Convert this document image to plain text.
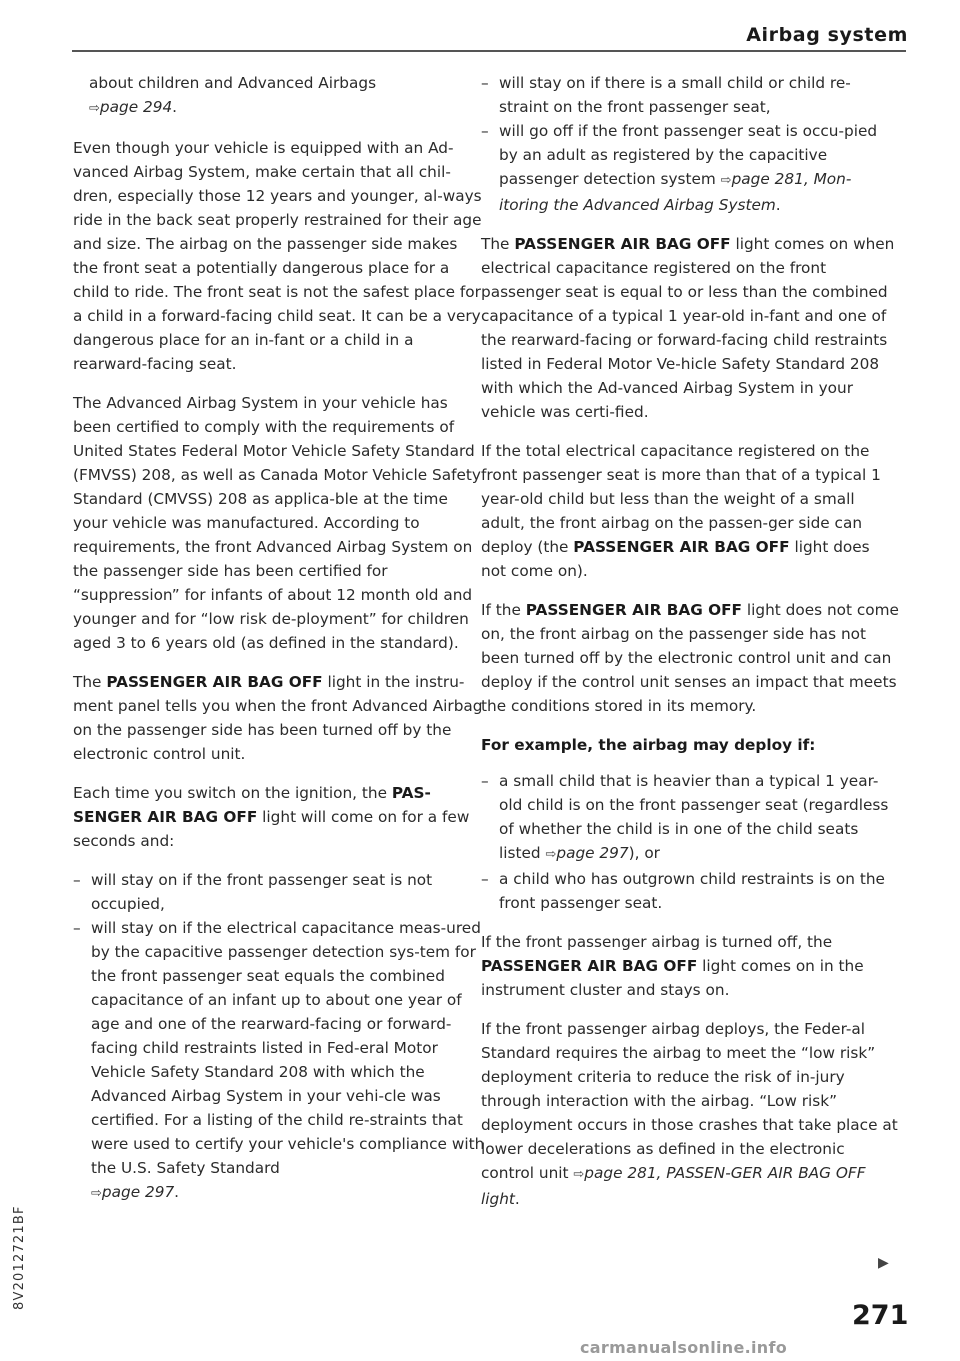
Airbag system

about children and Advanced Airbags

⇨page 294.

Even though your vehicle is equipped with an Ad-vanced Airbag System, make certain that all chil-dren, especially those 12 years and younger, al-ways ride in the back seat properly restrained for their age and size. The airbag on the passenger side makes the front seat a potentially dangerous place for a child to ride. The front seat is not the safest place for a child in a forward-facing child seat. It can be a very dangerous place for an in-fant or a child in a rearward-facing seat.

The Advanced Airbag System in your vehicle has been certified to comply with the requirements of United States Federal Motor Vehicle Safety Standard (FMVSS) 208, as well as Canada Motor Vehicle Safety Standard (CMVSS) 208 as applica-ble at the time your vehicle was manufactured. According to requirements, the front Advanced Airbag System on the passenger side has been certified for “suppression” for infants of about 12 month old and younger and for “low risk de-ployment” for children aged 3 to 6 years old (as defined in the standard).

The PASSENGER AIR BAG OFF light in the instru-ment panel tells you when the front Advanced Airbag on the passenger side has been turned off by the electronic control unit.

Each time you switch on the ignition, the PAS-SENGER AIR BAG OFF light will come on for a few seconds and:

– will stay on if the front passenger seat is not occupied,
– will stay on if the electrical capacitance meas-ured by the capacitive passenger detection sys-tem for the front passenger seat equals the combined capacitance of an infant up to about one year of age and one of the rearward-facing or forward-facing child restraints listed in Fed-eral Motor Vehicle Safety Standard 208 with which the Advanced Airbag System in your vehi-cle was certified. For a listing of the child re-straints that were used to certify your vehicle's compliance with the U.S. Safety Standard
⇨page 297.
– will stay on if there is a small child or child re-straint on the front passenger seat,
– will go off if the front passenger seat is occu-pied by an adult as registered by the capacitive passenger detection system ⇨page 281, Mon-itoring the Advanced Airbag System.

The PASSENGER AIR BAG OFF light comes on when electrical capacitance registered on the front passenger seat is equal to or less than the combined capacitance of a typical 1 year-old in-fant and one of the rearward-facing or forward-facing child restraints listed in Federal Motor Ve-hicle Safety Standard 208 with which the Ad-vanced Airbag System in your vehicle was certi-fied.

If the total electrical capacitance registered on the front passenger seat is more than that of a typical 1 year-old child but less than the weight of a small adult, the front airbag on the passen-ger side can deploy (the PASSENGER AIR BAG OFF light does not come on).

If the PASSENGER AIR BAG OFF light does not come on, the front airbag on the passenger side has not been turned off by the electronic control unit and can deploy if the control unit senses an impact that meets the conditions stored in its memory.

For example, the airbag may deploy if:

– a small child that is heavier than a typical 1 year-old child is on the front passenger seat (regardless of whether the child is in one of the child seats listed ⇨page 297), or
– a child who has outgrown child restraints is on the front passenger seat.

If the front passenger airbag is turned off, the PASSENGER AIR BAG OFF light comes on in the instrument cluster and stays on.

If the front passenger airbag deploys, the Feder-al Standard requires the airbag to meet the “low risk” deployment criteria to reduce the risk of in-jury through interaction with the airbag. “Low risk” deployment occurs in those crashes that take place at lower decelerations as defined in the electronic control unit ⇨page 281, PASSEN-GER AIR BAG OFF light.

▶
271
8V2012721BF
carmanualsonline.info
